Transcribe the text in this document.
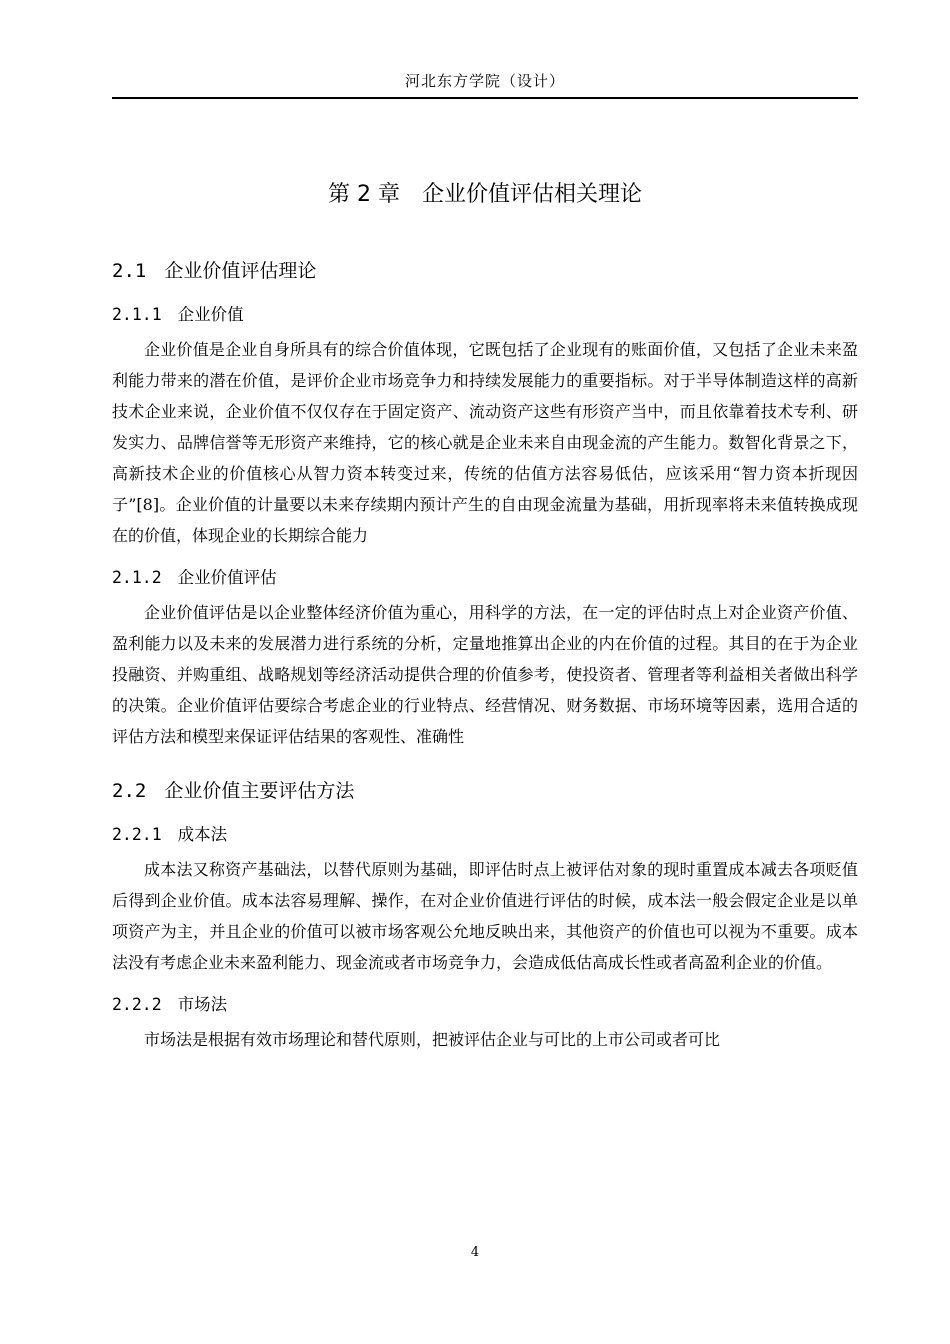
河北东方学院（设计）
第 2 章 企业价值评估相关理论
2.1 企业价值评估理论
2.1.1 企业价值

企业价值是企业自身所具有的综合价值体现，它既包括了企业现有的账面价值，又包括了企业未来盈利能力带来的潜在价值，是评价企业市场竞争力和持续发展能力的重要指标。对于半导体制造这样的高新技术企业来说，企业价值不仅仅存在于固定资产、流动资产这些有形资产当中，而且依靠着技术专利、研发实力、品牌信誉等无形资产来维持，它的核心就是企业未来自由现金流的产生能力。数智化背景之下，高新技术企业的价值核心从智力资本转变过来，传统的估值方法容易低估，应该采用“智力资本折现因子”[8]。企业价值的计量要以未来存续期内预计产生的自由现金流量为基础，用折现率将未来值转换成现在的价值，体现企业的长期综合能力

2.1.2 企业价值评估

企业价值评估是以企业整体经济价值为重心，用科学的方法，在一定的评估时点上对企业资产价值、盈利能力以及未来的发展潜力进行系统的分析，定量地推算出企业的内在价值的过程。其目的在于为企业投融资、并购重组、战略规划等经济活动提供合理的价值参考，使投资者、管理者等利益相关者做出科学的决策。企业价值评估要综合考虑企业的行业特点、经营情况、财务数据、市场环境等因素，选用合适的评估方法和模型来保证评估结果的客观性、准确性

2.2 企业价值主要评估方法
2.2.1 成本法

成本法又称资产基础法，以替代原则为基础，即评估时点上被评估对象的现时重置成本减去各项贬值后得到企业价值。成本法容易理解、操作，在对企业价值进行评估的时候，成本法一般会假定企业是以单项资产为主，并且企业的价值可以被市场客观公允地反映出来，其他资产的价值也可以视为不重要。成本法没有考虑企业未来盈利能力、现金流或者市场竞争力，会造成低估高成长性或者高盈利企业的价值。

2.2.2 市场法

市场法是根据有效市场理论和替代原则，把被评估企业与可比的上市公司或者可比

4
